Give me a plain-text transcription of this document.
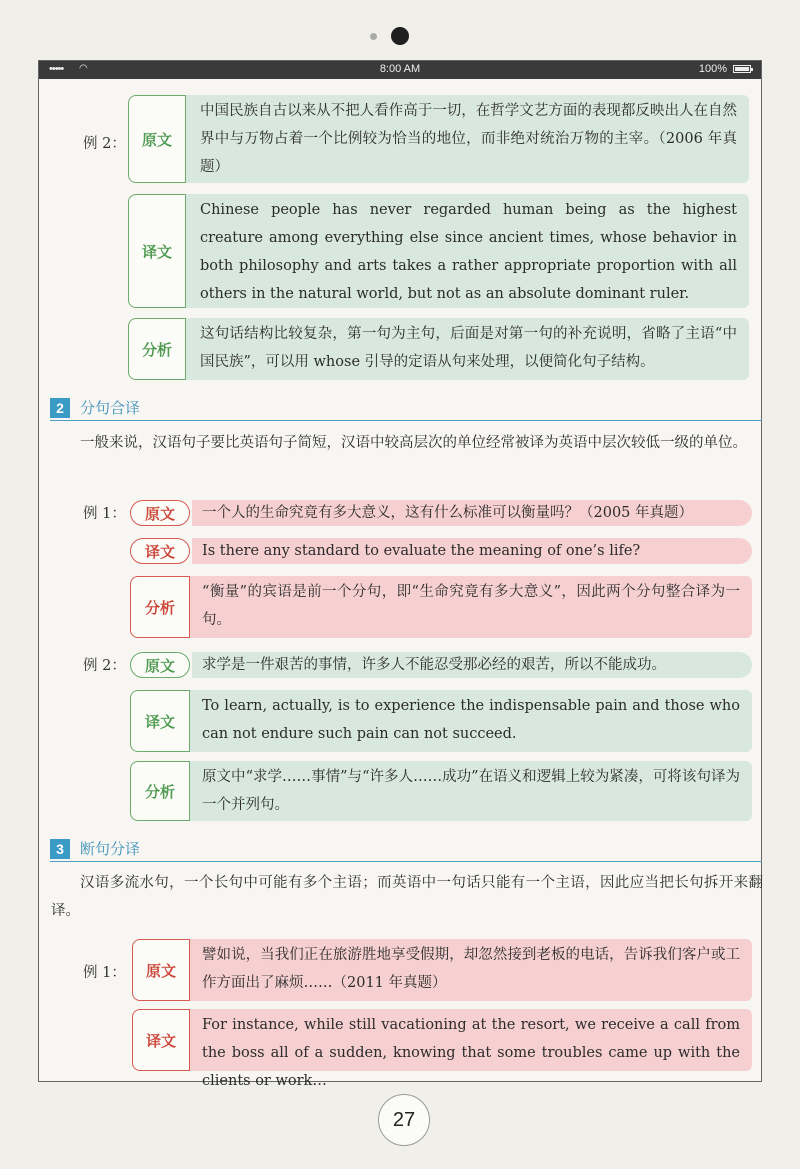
••••• ◠	8:00 AM	100%
例 2：	原文
中国民族自古以来从不把人看作高于一切，在哲学文艺方面的表现都反映出人在自然界中与万物占着一个比例较为恰当的地位，而非绝对统治万物的主宰。（2006 年真题）
译文
Chinese people has never regarded human being as the highest creature among everything else since ancient times, whose behavior in both philosophy and arts takes a rather appropriate proportion with all others in the natural world, but not as an absolute dominant ruler.
分析
这句话结构比较复杂，第一句为主句，后面是对第一句的补充说明，省略了主语“中国民族”，可以用 whose 引导的定语从句来处理，以便简化句子结构。
2	分句合译
一般来说，汉语句子要比英语句子简短，汉语中较高层次的单位经常被译为英语中层次较低一级的单位。
例 1：	原文	一个人的生命究竟有多大意义，这有什么标准可以衡量吗？（2005 年真题）
译文	Is there any standard to evaluate the meaning of one’s life?
分析
“衡量”的宾语是前一个分句，即“生命究竟有多大意义”，因此两个分句整合译为一句。
例 2：	原文	求学是一件艰苦的事情，许多人不能忍受那必经的艰苦，所以不能成功。
译文
To learn, actually, is to experience the indispensable pain and those who can not endure such pain can not succeed.
分析
原文中“求学……事情”与“许多人……成功”在语义和逻辑上较为紧凑，可将该句译为一个并列句。
3	断句分译
汉语多流水句，一个长句中可能有多个主语；而英语中一句话只能有一个主语，因此应当把长句拆开来翻译。
例 1：	原文
譬如说，当我们正在旅游胜地享受假期，却忽然接到老板的电话，告诉我们客户或工作方面出了麻烦……（2011 年真题）
译文
For instance, while still vacationing at the resort, we receive a call from the boss all of a sudden, knowing that some troubles came up with the clients or work…
27
